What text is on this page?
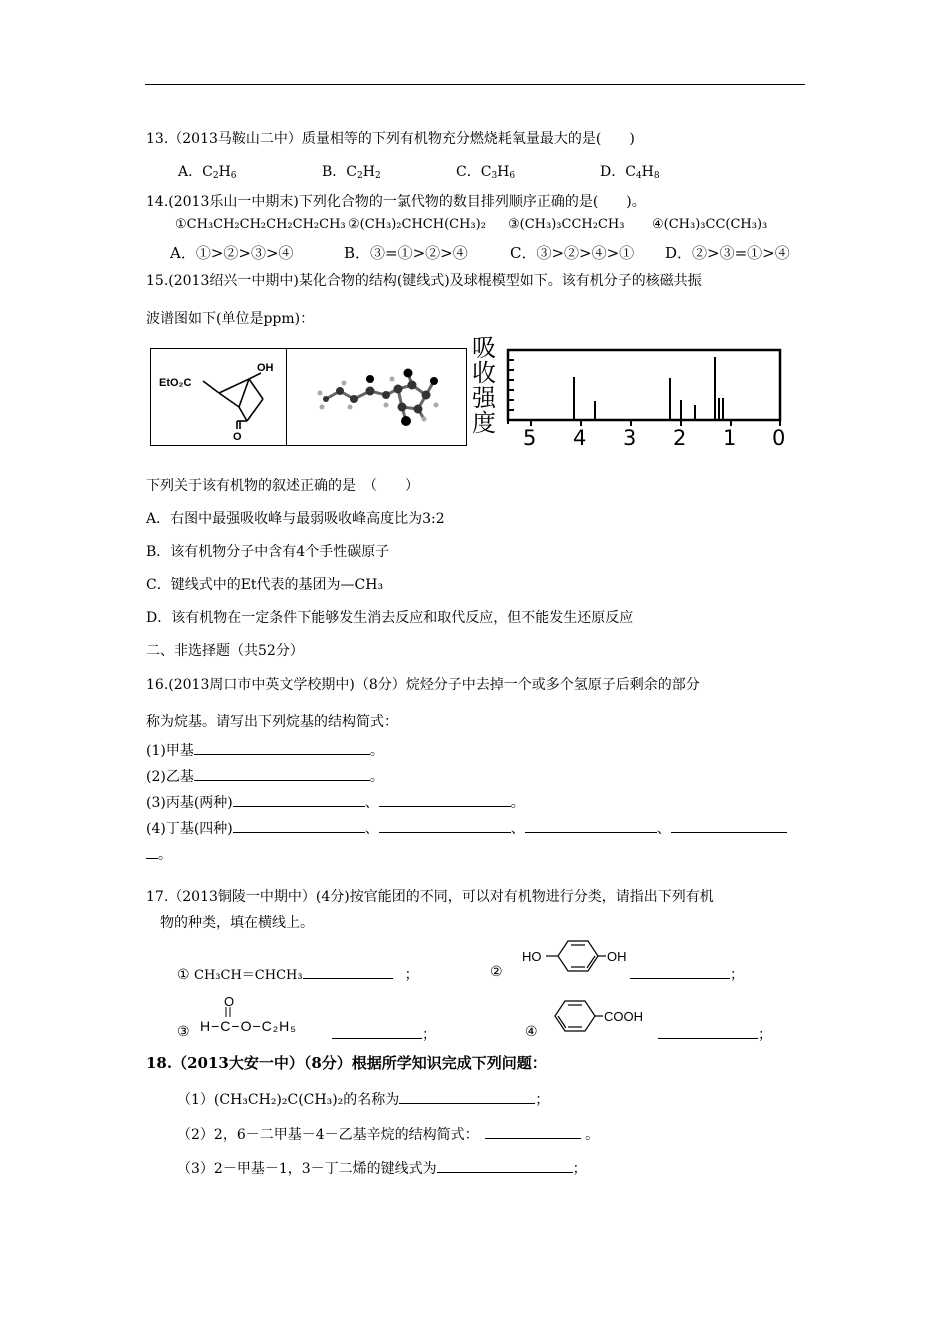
13.（2013马鞍山二中）质量相等的下列有机物充分燃烧耗氧量最大的是(　　)
A．$C_2H_6$	B．$C_2H_2$	C．$C_3H_6$	D．$C_4H_8$
14.(2013乐山一中期末)下列化合物的一氯代物的数目排列顺序正确的是(　　)。
①CH₃CH₂CH₂CH₂CH₂CH₃ ②(CH₃)₂CHCH(CH₃)₂ ③(CH₃)₃CCH₂CH₃ ④(CH₃)₃CC(CH₃)₃
A．①>②>③>④	B．③=①>②>④	C．③>②>④>① D．②>③=①>④
15.(2013绍兴一中期中)某化合物的结构(键线式)及球棍模型如下。该有机分子的核磁共振
波谱图如下(单位是ppm)：
EtO₂C
OH
O
吸
收
强
度
5 4 3 2 1 0
下列关于该有机物的叙述正确的是　（　　）
A．右图中最强吸收峰与最弱吸收峰高度比为3:2
B．该有机物分子中含有4个手性碳原子
C．键线式中的Et代表的基团为—CH₃
D．该有机物在一定条件下能够发生消去反应和取代反应，但不能发生还原反应
二、非选择题（共52分）
16.(2013周口市中英文学校期中)（8分）烷烃分子中去掉一个或多个氢原子后剩余的部分
称为烷基。请写出下列烷基的结构简式：
(1)甲基	。
(2)乙基	。
(3)丙基(两种)	、	。
(4)丁基(四种)	、	、	、
。
17.（2013铜陵一中期中）(4分)按官能团的不同，可以对有机物进行分类，请指出下列有机
物的种类，填在横线上。
① CH₃CH＝CHCH₃	；	②
HO	OH
；
③
O
H−C−O−C₂H₅
；	④
COOH
；
18.（2013大安一中）（8分）根据所学知识完成下列问题：
（1）(CH₃CH₂)₂C(CH₃)₂的名称为	；
（2）2，6－二甲基－4－乙基辛烷的结构简式：	。
（3）2－甲基－1，3－丁二烯的键线式为	；
